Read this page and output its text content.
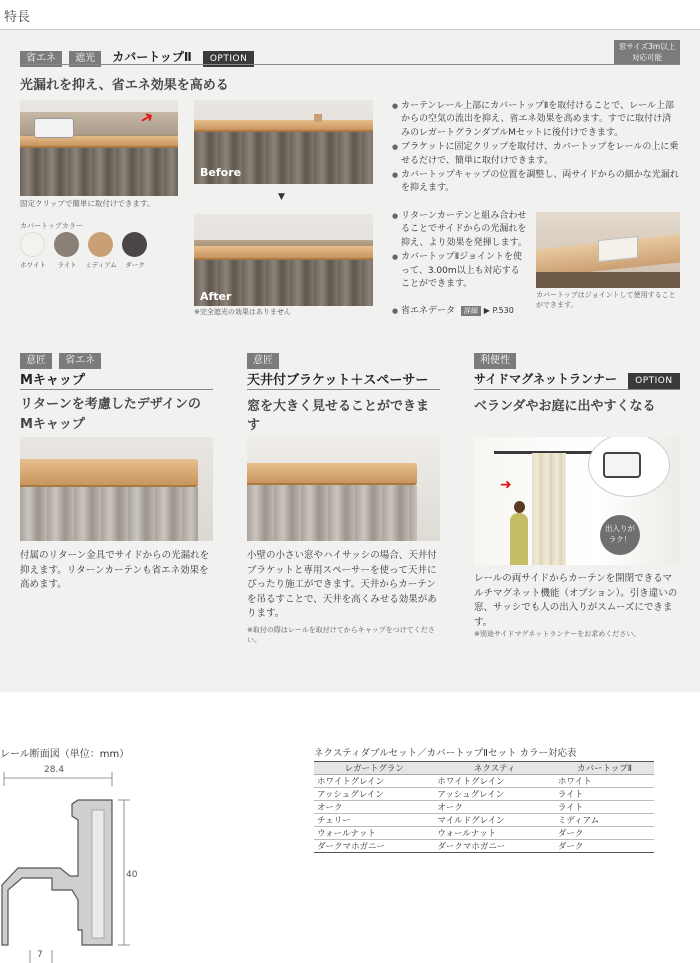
特長
省エネ 遮光 カバートップⅡ OPTION
窓サイズ3m以上
対応可能
光漏れを抑え、省エネ効果を高める
➜
固定クリップで簡単に取付けできます。
カバートップカラー
ホワイト	ライト	ミディアム	ダーク
Before
▼
After
※完全遮光の効果はありません
● カーテンレール上部にカバートップⅡを取付けることで、レール上部からの空気の流出を抑え、省エネ効果を高めます。すでに取付け済みのレガートグランダブルMセットに後付けできます。
● ブラケットに固定クリップを取付け、カバートップをレールの上に乗せるだけで、簡単に取付けできます。
● カバートップキャップの位置を調整し、両サイドからの細かな光漏れを抑えます。
● リターンカーテンと組み合わせることでサイドからの光漏れを抑え、より効果を発揮します。
● カバートップⅡジョイントを使って、3.00m以上も対応することができます。
● 省エネデータ 詳細 ▶ P.530
カバートップはジョイントして使用することができます。
意匠 省エネ
Mキャップ
リターンを考慮したデザインのMキャップ
付属のリターン金具でサイドからの光漏れを抑えます。リターンカーテンも省エネ効果を高めます。
意匠
天井付ブラケット＋スペーサー
窓を大きく見せることができます
小壁の小さい窓やハイサッシの場合、天井付ブラケットと専用スペーサーを使って天井にぴったり施工ができます。天井からカーテンを吊るすことで、天井を高くみせる効果があります。
※取付の際はレールを取付けてからキャップをつけてください。
利便性
サイドマグネットランナー OPTION
ベランダやお庭に出やすくなる
➜
出入りが
ラク！
レールの両サイドからカーテンを開閉できるマルチマグネット機能（オプション）。引き違いの窓、サッシでも人の出入りがスムーズにできます。
※別途サイドマグネットランナーをお求めください。
レール断面図（単位：mm）
28.4
40
7
ネクスティダブルセット／カバートップⅡセット カラー対応表
レガートグラン	ネクスティ	カバートップⅡ
ホワイトグレイン	ホワイトグレイン	ホワイト
アッシュグレイン	アッシュグレイン	ライト
オーク	オーク	ライト
チェリー	マイルドグレイン	ミディアム
ウォールナット	ウォールナット	ダーク
ダークマホガニー	ダークマホガニー	ダーク
